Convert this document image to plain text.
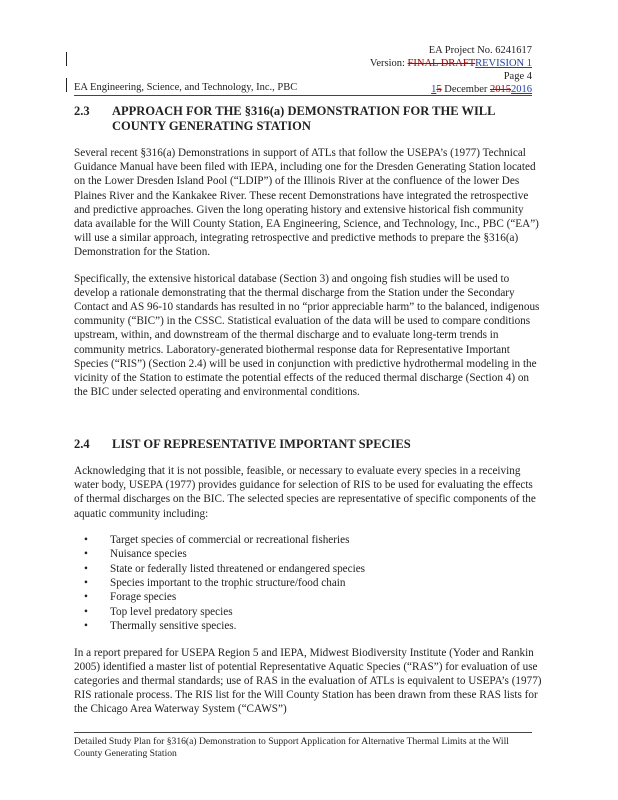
EA Project No. 6241617
Version: FINAL DRAFTREVISION 1
Page 4
15 December 20152016
EA Engineering, Science, and Technology, Inc., PBC
2.3	APPROACH FOR THE §316(a) DEMONSTRATION FOR THE WILL COUNTY GENERATING STATION

Several recent §316(a) Demonstrations in support of ATLs that follow the USEPA’s (1977) Technical Guidance Manual have been filed with IEPA, including one for the Dresden Generating Station located on the Lower Dresden Island Pool (“LDIP”) of the Illinois River at the confluence of the lower Des Plaines River and the Kankakee River. These recent Demonstrations have integrated the retrospective and predictive approaches. Given the long operating history and extensive historical fish community data available for the Will County Station, EA Engineering, Science, and Technology, Inc., PBC (“EA”) will use a similar approach, integrating retrospective and predictive methods to prepare the §316(a) Demonstration for the Station.

Specifically, the extensive historical database (Section 3) and ongoing fish studies will be used to develop a rationale demonstrating that the thermal discharge from the Station under the Secondary Contact and AS 96-10 standards has resulted in no “prior appreciable harm” to the balanced, indigenous community (“BIC”) in the CSSC. Statistical evaluation of the data will be used to compare conditions upstream, within, and downstream of the thermal discharge and to evaluate long-term trends in community metrics. Laboratory-generated biothermal response data for Representative Important Species (“RIS”) (Section 2.4) will be used in conjunction with predictive hydrothermal modeling in the vicinity of the Station to estimate the potential effects of the reduced thermal discharge (Section 4) on the BIC under selected operating and environmental conditions.

2.4	LIST OF REPRESENTATIVE IMPORTANT SPECIES

Acknowledging that it is not possible, feasible, or necessary to evaluate every species in a receiving water body, USEPA (1977) provides guidance for selection of RIS to be used for evaluating the effects of thermal discharges on the BIC. The selected species are representative of specific components of the aquatic community including:

• Target species of commercial or recreational fisheries
• Nuisance species
• State or federally listed threatened or endangered species
• Species important to the trophic structure/food chain
• Forage species
• Top level predatory species
• Thermally sensitive species.

In a report prepared for USEPA Region 5 and IEPA, Midwest Biodiversity Institute (Yoder and Rankin 2005) identified a master list of potential Representative Aquatic Species (“RAS”) for evaluation of use categories and thermal standards; use of RAS in the evaluation of ATLs is equivalent to USEPA’s (1977) RIS rationale process. The RIS list for the Will County Station has been drawn from these RAS lists for the Chicago Area Waterway System (“CAWS”)

Detailed Study Plan for §316(a) Demonstration to Support Application for Alternative Thermal Limits at the Will County Generating Station
